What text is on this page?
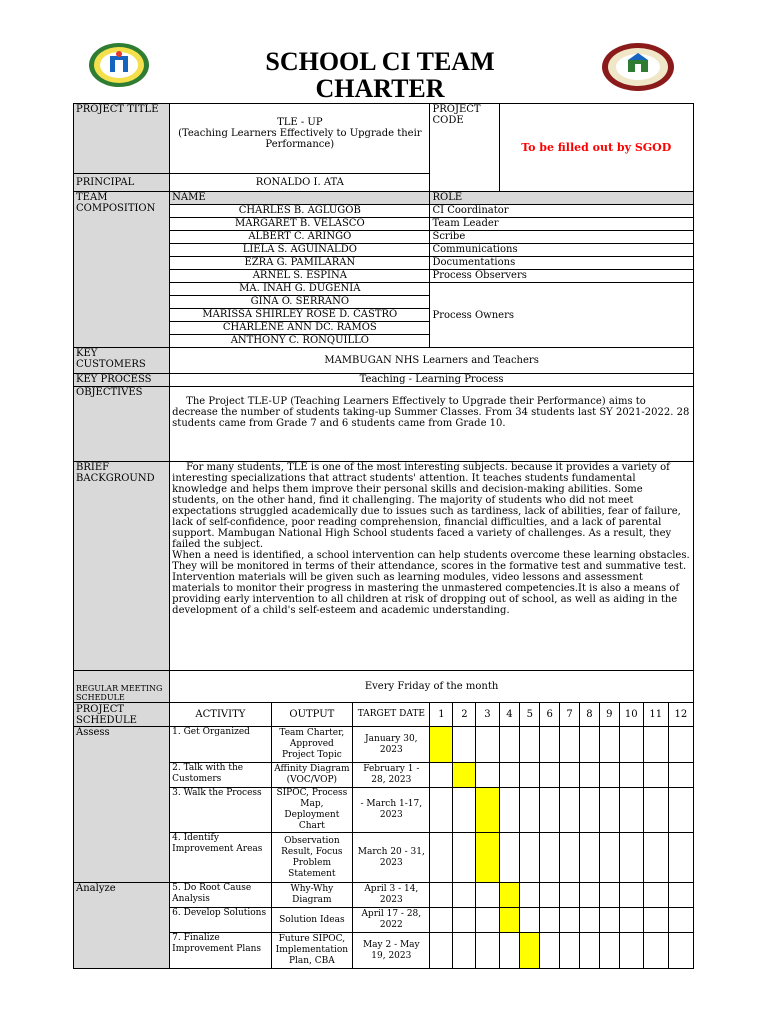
SCHOOL CI TEAM
CHARTER
PROJECT TITLE	TLE - UP
(Teaching Learners Effectively to Upgrade their Performance)			PROJECT CODE			To be filled out by SGOD								
PRINCIPAL	RONALDO I. ATA														
TEAM COMPOSITION	NAME			ROLE											
	CHARLES B. AGLUGOB			CI Coordinator											
	MARGARET B. VELASCO			Team Leader											
	ALBERT C. ARINGO			Scribe											
	LIELA S. AGUINALDO			Communications											
	EZRA G. PAMILARAN			Documentations											
	ARNEL S. ESPINA			Process Observers											
	MA. INAH G. DUGENIA			Process Owners											
	GINA O. SERRANO														
	MARISSA SHIRLEY ROSE D. CASTRO														
	CHARLENE ANN DC. RAMOS														
	ANTHONY C. RONQUILLO														
KEY CUSTOMERS	MAMBUGAN NHS Learners and Teachers														
KEY PROCESS	Teaching - Learning Process														
OBJECTIVES	The Project TLE-UP (Teaching Learners Effectively to Upgrade their Performance) aims to decrease the number of students taking-up Summer Classes. From 34 students last SY 2021-2022. 28 students came from Grade 7 and 6 students came from Grade 10.														

BRIEF BACKGROUND	For many students, TLE is one of the most interesting subjects. because it provides a variety of interesting specializations that attract students' attention. It teaches students fundamental knowledge and helps them improve their personal skills and decision-making abilities. Some students, on the other hand, find it challenging. The majority of students who did not meet expectations struggled academically due to issues such as tardiness, lack of abilities, fear of failure, lack of self-confidence, poor reading comprehension, financial difficulties, and a lack of parental support. Mambugan National High School students faced a variety of challenges. As a result, they failed the subject.
When a need is identified, a school intervention can help students overcome these learning obstacles. They will be monitored in terms of their attendance, scores in the formative test and summative test. Intervention materials will be given such as learning modules, video lessons and assessment materials to monitor their progress in mastering the unmastered competencies.It is also a means of providing early intervention to all children at risk of dropping out of school, as well as aiding in the development of a child's self-esteem and academic understanding.														

REGULAR MEETING SCHEDULE	Every Friday of the month														
PROJECT SCHEDULE	ACTIVITY	OUTPUT	TARGET DATE	1	2	3	4	5	6	7	8	9	10	11	12
Assess	1. Get Organized	Team Charter, Approved Project Topic	January 30, 2023												
	2. Talk with the Customers	Affinity Diagram (VOC/VOP)	February 1 - 28, 2023												
	3. Walk the Process	SIPOC, Process Map, Deployment Chart	- March 1-17, 2023												
	4. Identify Improvement Areas	Observation Result, Focus Problem Statement	March 20 - 31, 2023												
Analyze	5. Do Root Cause Analysis	Why-Why Diagram	April 3 - 14, 2023												
	6. Develop Solutions	Solution Ideas	April 17 - 28, 2022												
	7. Finalize Improvement Plans	Future SIPOC, Implementation Plan, CBA	May 2 - May 19, 2023												
